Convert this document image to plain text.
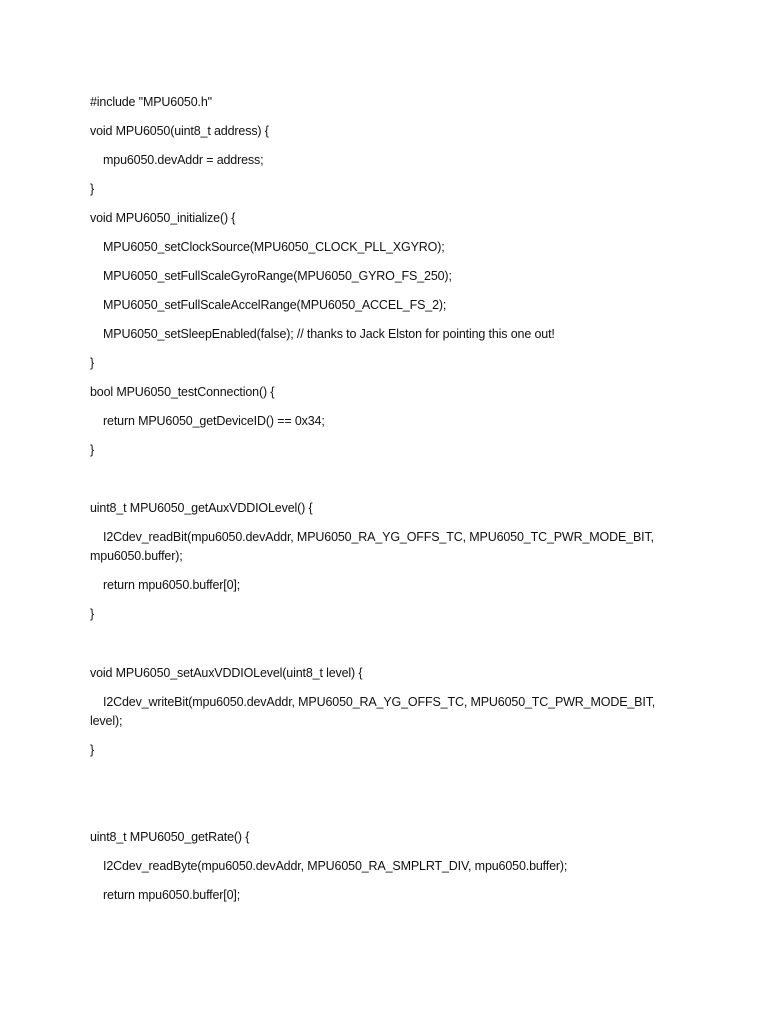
#include "MPU6050.h"

void MPU6050(uint8_t address) {

mpu6050.devAddr = address;

}

void MPU6050_initialize() {

MPU6050_setClockSource(MPU6050_CLOCK_PLL_XGYRO);

MPU6050_setFullScaleGyroRange(MPU6050_GYRO_FS_250);

MPU6050_setFullScaleAccelRange(MPU6050_ACCEL_FS_2);

MPU6050_setSleepEnabled(false); // thanks to Jack Elston for pointing this one out!

}

bool MPU6050_testConnection() {

return MPU6050_getDeviceID() == 0x34;

}

uint8_t MPU6050_getAuxVDDIOLevel() {

I2Cdev_readBit(mpu6050.devAddr, MPU6050_RA_YG_OFFS_TC, MPU6050_TC_PWR_MODE_BIT, mpu6050.buffer);

return mpu6050.buffer[0];

}

void MPU6050_setAuxVDDIOLevel(uint8_t level) {

I2Cdev_writeBit(mpu6050.devAddr, MPU6050_RA_YG_OFFS_TC, MPU6050_TC_PWR_MODE_BIT, level);

}

uint8_t MPU6050_getRate() {

I2Cdev_readByte(mpu6050.devAddr, MPU6050_RA_SMPLRT_DIV, mpu6050.buffer);

return mpu6050.buffer[0];
